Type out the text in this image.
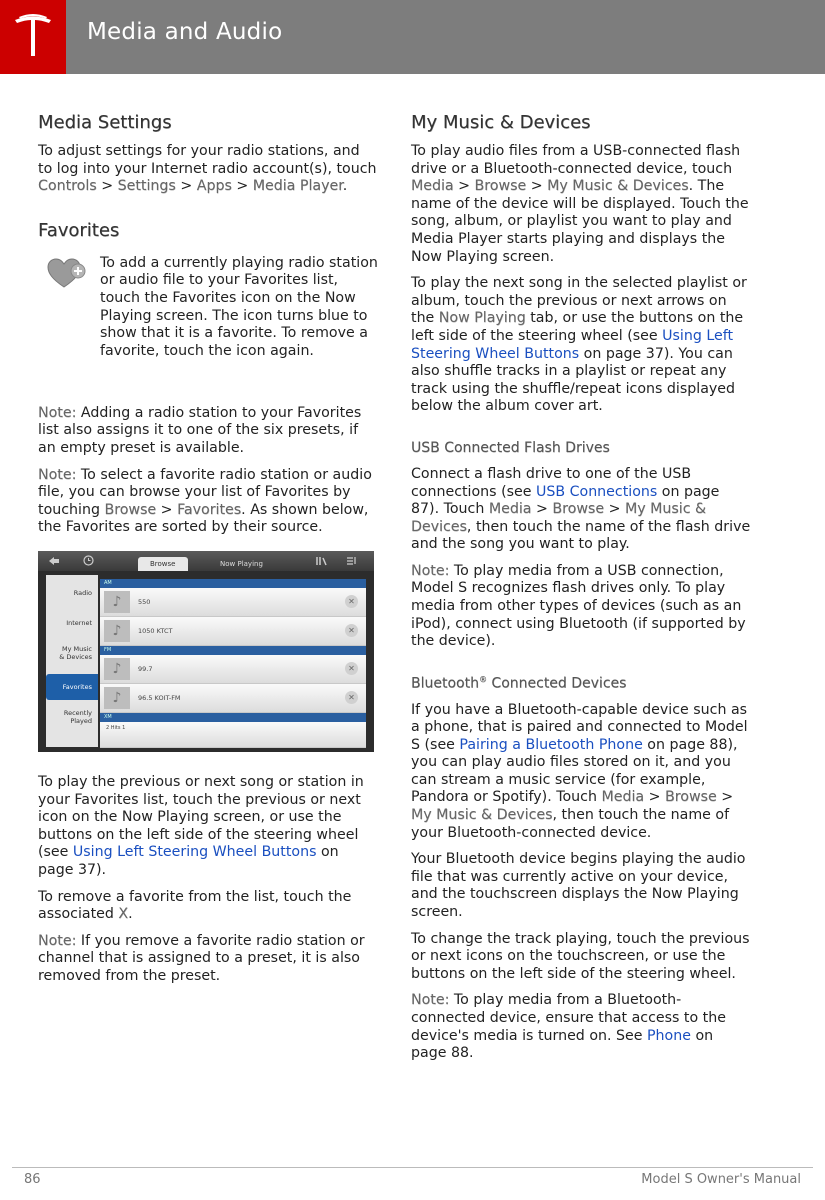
Media and Audio
Media Settings

To adjust settings for your radio stations, and to log into your Internet radio account(s), touch Controls > Settings > Apps > Media Player.

Favorites

To add a currently playing radio station or audio file to your Favorites list, touch the Favorites icon on the Now Playing screen. The icon turns blue to show that it is a favorite. To remove a favorite, touch the icon again.

Note: Adding a radio station to your Favorites list also assigns it to one of the six presets, if an empty preset is available.

Note: To select a favorite radio station or audio file, you can browse your list of Favorites by touching Browse > Favorites. As shown below, the Favorites are sorted by their source.

Browse	Now Playing
Radio
Internet
My Music
& Devices
Favorites
Recently
Played
AM
♪	550	✕
♪	1050 KTCT	✕
FM
♪	99.7	✕
♪	96.5 KOIT-FM	✕
XM
2 Hits 1

To play the previous or next song or station in your Favorites list, touch the previous or next icon on the Now Playing screen, or use the buttons on the left side of the steering wheel (see Using Left Steering Wheel Buttons on page 37).

To remove a favorite from the list, touch the associated X.

Note: If you remove a favorite radio station or channel that is assigned to a preset, it is also removed from the preset.

My Music & Devices

To play audio files from a USB-connected flash drive or a Bluetooth-connected device, touch Media > Browse > My Music & Devices. The name of the device will be displayed. Touch the song, album, or playlist you want to play and Media Player starts playing and displays the Now Playing screen.

To play the next song in the selected playlist or album, touch the previous or next arrows on the Now Playing tab, or use the buttons on the left side of the steering wheel (see Using Left Steering Wheel Buttons on page 37). You can also shuffle tracks in a playlist or repeat any track using the shuffle/repeat icons displayed below the album cover art.

USB Connected Flash Drives

Connect a flash drive to one of the USB connections (see USB Connections on page 87). Touch Media > Browse > My Music & Devices, then touch the name of the flash drive and the song you want to play.

Note: To play media from a USB connection, Model S recognizes flash drives only. To play media from other types of devices (such as an iPod), connect using Bluetooth (if supported by the device).

Bluetooth® Connected Devices

If you have a Bluetooth-capable device such as a phone, that is paired and connected to Model S (see Pairing a Bluetooth Phone on page 88), you can play audio files stored on it, and you can stream a music service (for example, Pandora or Spotify). Touch Media > Browse > My Music & Devices, then touch the name of your Bluetooth-connected device.

Your Bluetooth device begins playing the audio file that was currently active on your device, and the touchscreen displays the Now Playing screen.

To change the track playing, touch the previous or next icons on the touchscreen, or use the buttons on the left side of the steering wheel.

Note: To play media from a Bluetooth-connected device, ensure that access to the device's media is turned on. See Phone on page 88.

86	Model S Owner's Manual
